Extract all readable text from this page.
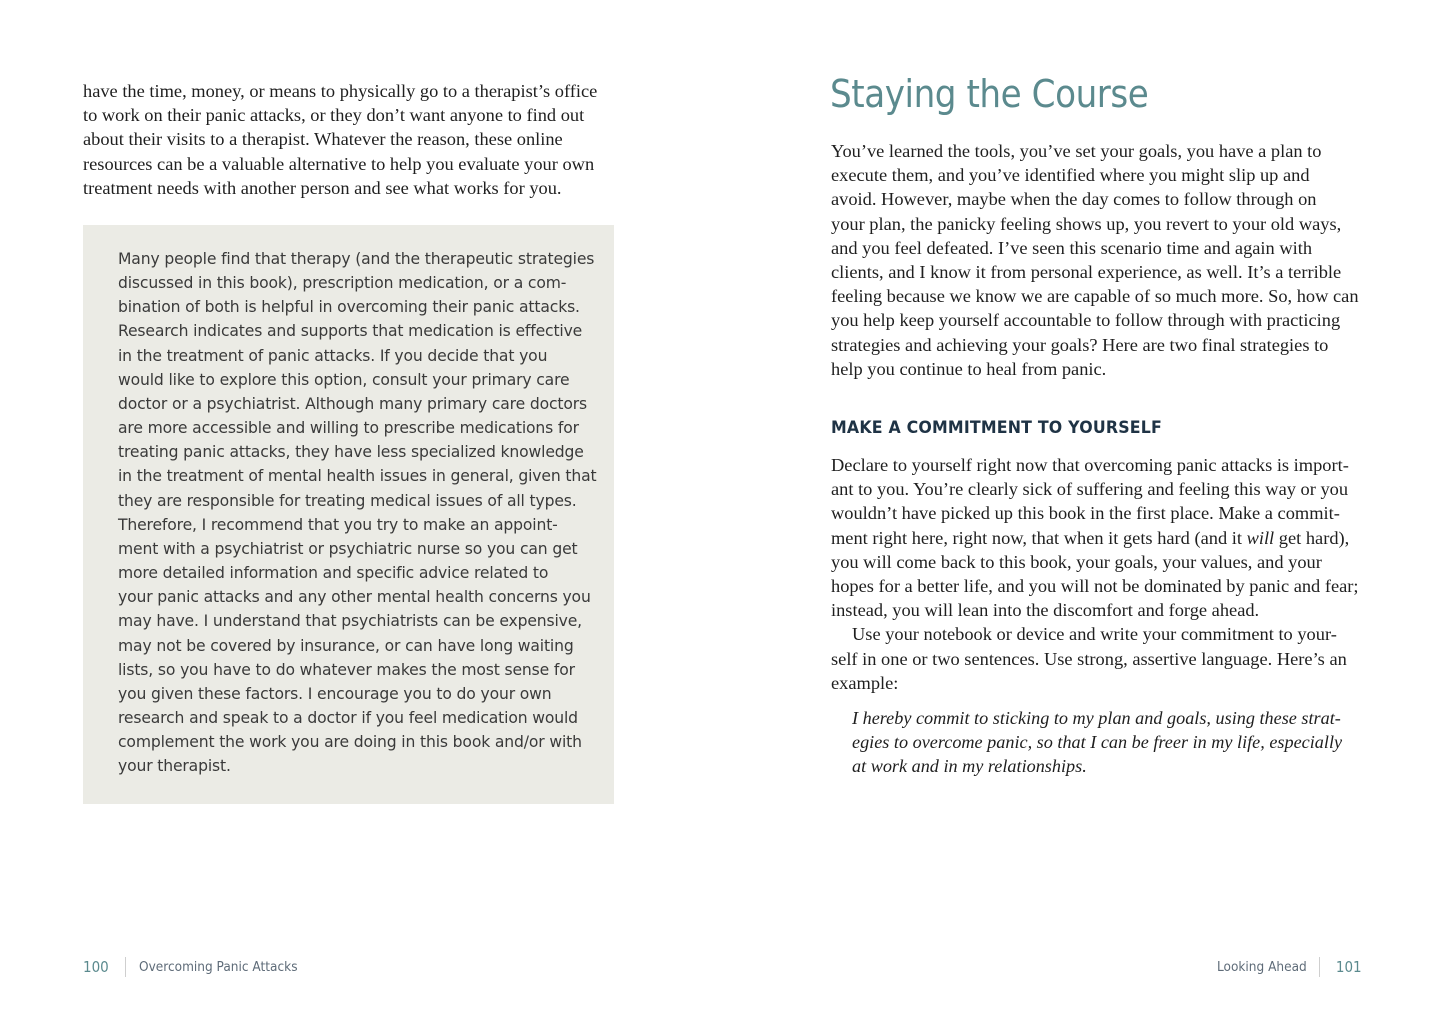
have the time, money, or means to physically go to a therapist’s office
to work on their panic attacks, or they don’t want anyone to find out
about their visits to a therapist. Whatever the reason, these online
resources can be a valuable alternative to help you evaluate your own
treatment needs with another person and see what works for you.
Many people find that therapy (and the therapeutic strategies
discussed in this book), prescription medication, or a com-
bination of both is helpful in overcoming their panic attacks.
Research indicates and supports that medication is effective
in the treatment of panic attacks. If you decide that you
would like to explore this option, consult your primary care
doctor or a psychiatrist. Although many primary care doctors
are more accessible and willing to prescribe medications for
treating panic attacks, they have less specialized knowledge
in the treatment of mental health issues in general, given that
they are responsible for treating medical issues of all types.
Therefore, I recommend that you try to make an appoint-
ment with a psychiatrist or psychiatric nurse so you can get
more detailed information and specific advice related to
your panic attacks and any other mental health concerns you
may have. I understand that psychiatrists can be expensive,
may not be covered by insurance, or can have long waiting
lists, so you have to do whatever makes the most sense for
you given these factors. I encourage you to do your own
research and speak to a doctor if you feel medication would
complement the work you are doing in this book and/or with
your therapist.
100 Overcoming Panic Attacks
Staying the Course
You’ve learned the tools, you’ve set your goals, you have a plan to
execute them, and you’ve identified where you might slip up and
avoid. However, maybe when the day comes to follow through on
your plan, the panicky feeling shows up, you revert to your old ways,
and you feel defeated. I’ve seen this scenario time and again with
clients, and I know it from personal experience, as well. It’s a terrible
feeling because we know we are capable of so much more. So, how can
you help keep yourself accountable to follow through with practicing
strategies and achieving your goals? Here are two final strategies to
help you continue to heal from panic.
MAKE A COMMITMENT TO YOURSELF
Declare to yourself right now that overcoming panic attacks is import-
ant to you. You’re clearly sick of suffering and feeling this way or you
wouldn’t have picked up this book in the first place. Make a commit-
ment right here, right now, that when it gets hard (and it will get hard),
you will come back to this book, your goals, your values, and your
hopes for a better life, and you will not be dominated by panic and fear;
instead, you will lean into the discomfort and forge ahead.
Use your notebook or device and write your commitment to your-
self in one or two sentences. Use strong, assertive language. Here’s an
example:
I hereby commit to sticking to my plan and goals, using these strat-
egies to overcome panic, so that I can be freer in my life, especially
at work and in my relationships.
Looking Ahead 101
